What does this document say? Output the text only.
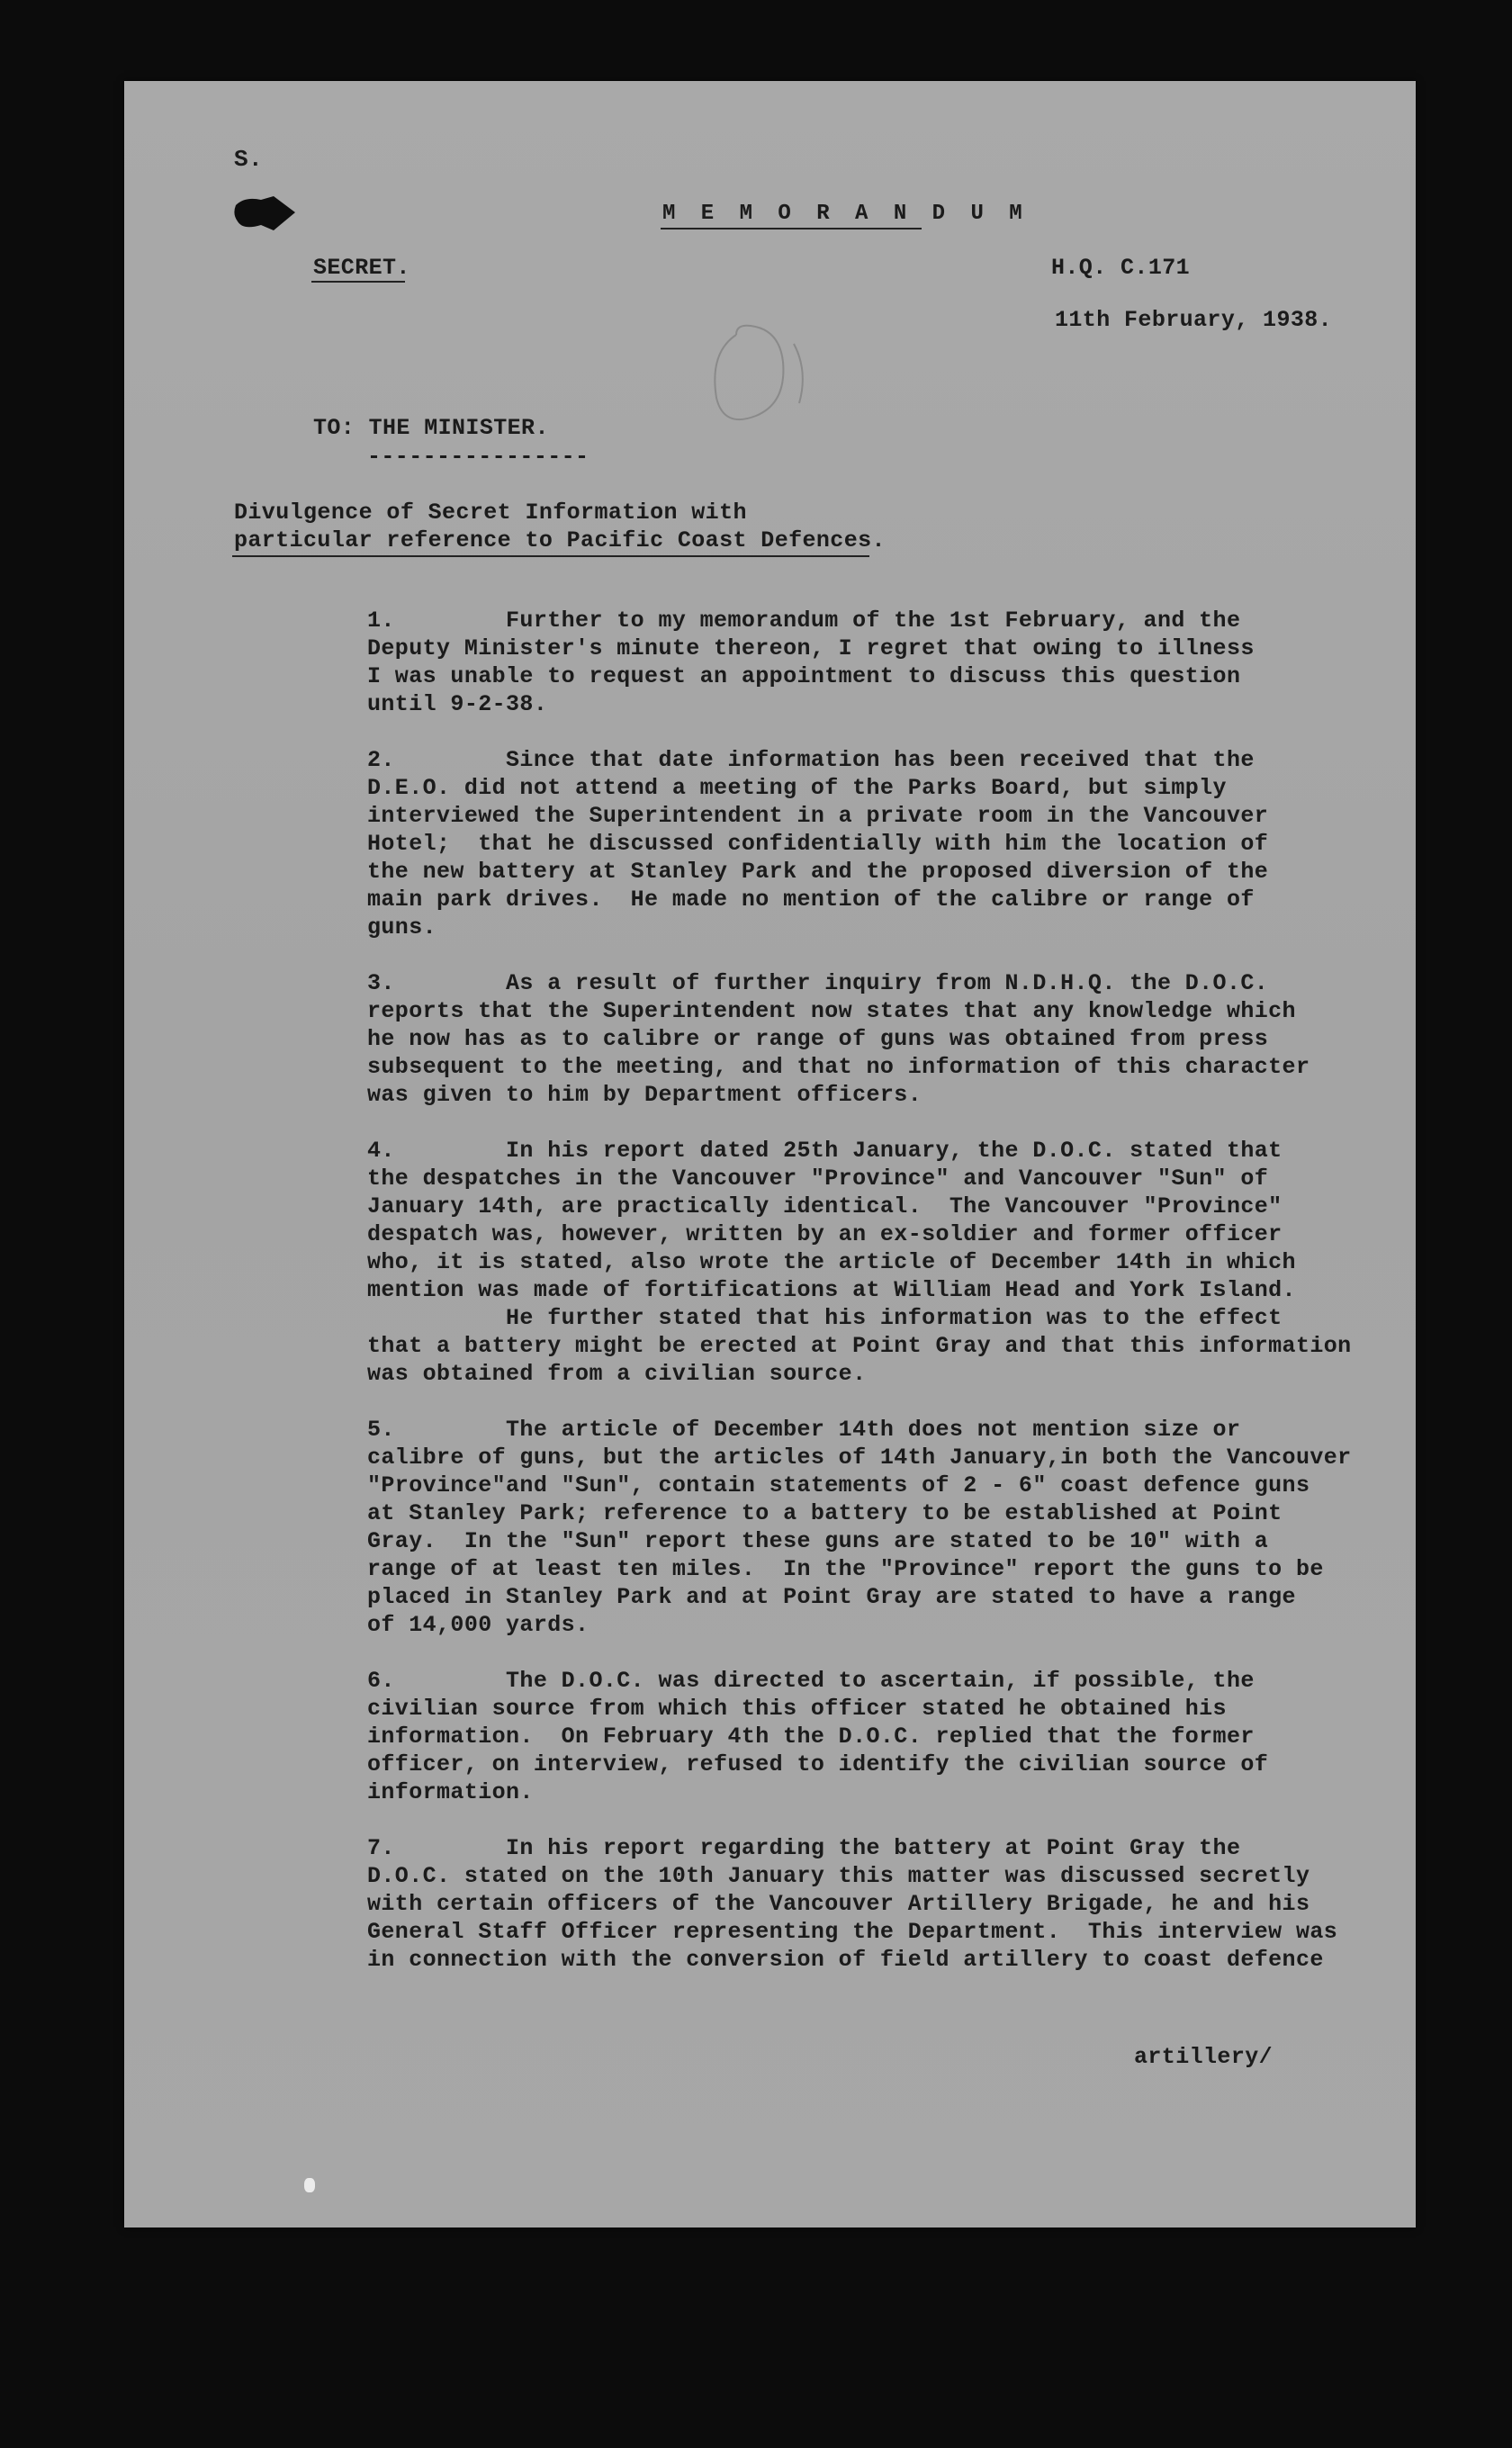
S.
M E M O R A N D U M
SECRET.	H.Q. C.171
11th February, 1938.
TO: THE MINISTER.
----------------
Divulgence of Secret Information with
particular reference to Pacific Coast Defences.
1.        Further to my memorandum of the 1st February, and the
Deputy Minister's minute thereon, I regret that owing to illness
I was unable to request an appointment to discuss this question
until 9-2-38.
2.        Since that date information has been received that the
D.E.O. did not attend a meeting of the Parks Board, but simply
interviewed the Superintendent in a private room in the Vancouver
Hotel;  that he discussed confidentially with him the location of
the new battery at Stanley Park and the proposed diversion of the
main park drives.  He made no mention of the calibre or range of
guns.
3.        As a result of further inquiry from N.D.H.Q. the D.O.C.
reports that the Superintendent now states that any knowledge which
he now has as to calibre or range of guns was obtained from press
subsequent to the meeting, and that no information of this character
was given to him by Department officers.
4.        In his report dated 25th January, the D.O.C. stated that
the despatches in the Vancouver "Province" and Vancouver "Sun" of
January 14th, are practically identical.  The Vancouver "Province"
despatch was, however, written by an ex-soldier and former officer
who, it is stated, also wrote the article of December 14th in which
mention was made of fortifications at William Head and York Island.
He further stated that his information was to the effect
that a battery might be erected at Point Gray and that this information
was obtained from a civilian source.
5.        The article of December 14th does not mention size or
calibre of guns, but the articles of 14th January,in both the Vancouver
"Province"and "Sun", contain statements of 2 - 6" coast defence guns
at Stanley Park; reference to a battery to be established at Point
Gray.  In the "Sun" report these guns are stated to be 10" with a
range of at least ten miles.  In the "Province" report the guns to be
placed in Stanley Park and at Point Gray are stated to have a range
of 14,000 yards.
6.        The D.O.C. was directed to ascertain, if possible, the
civilian source from which this officer stated he obtained his
information.  On February 4th the D.O.C. replied that the former
officer, on interview, refused to identify the civilian source of
information.
7.        In his report regarding the battery at Point Gray the
D.O.C. stated on the 10th January this matter was discussed secretly
with certain officers of the Vancouver Artillery Brigade, he and his
General Staff Officer representing the Department.  This interview was
in connection with the conversion of field artillery to coast defence
artillery/
